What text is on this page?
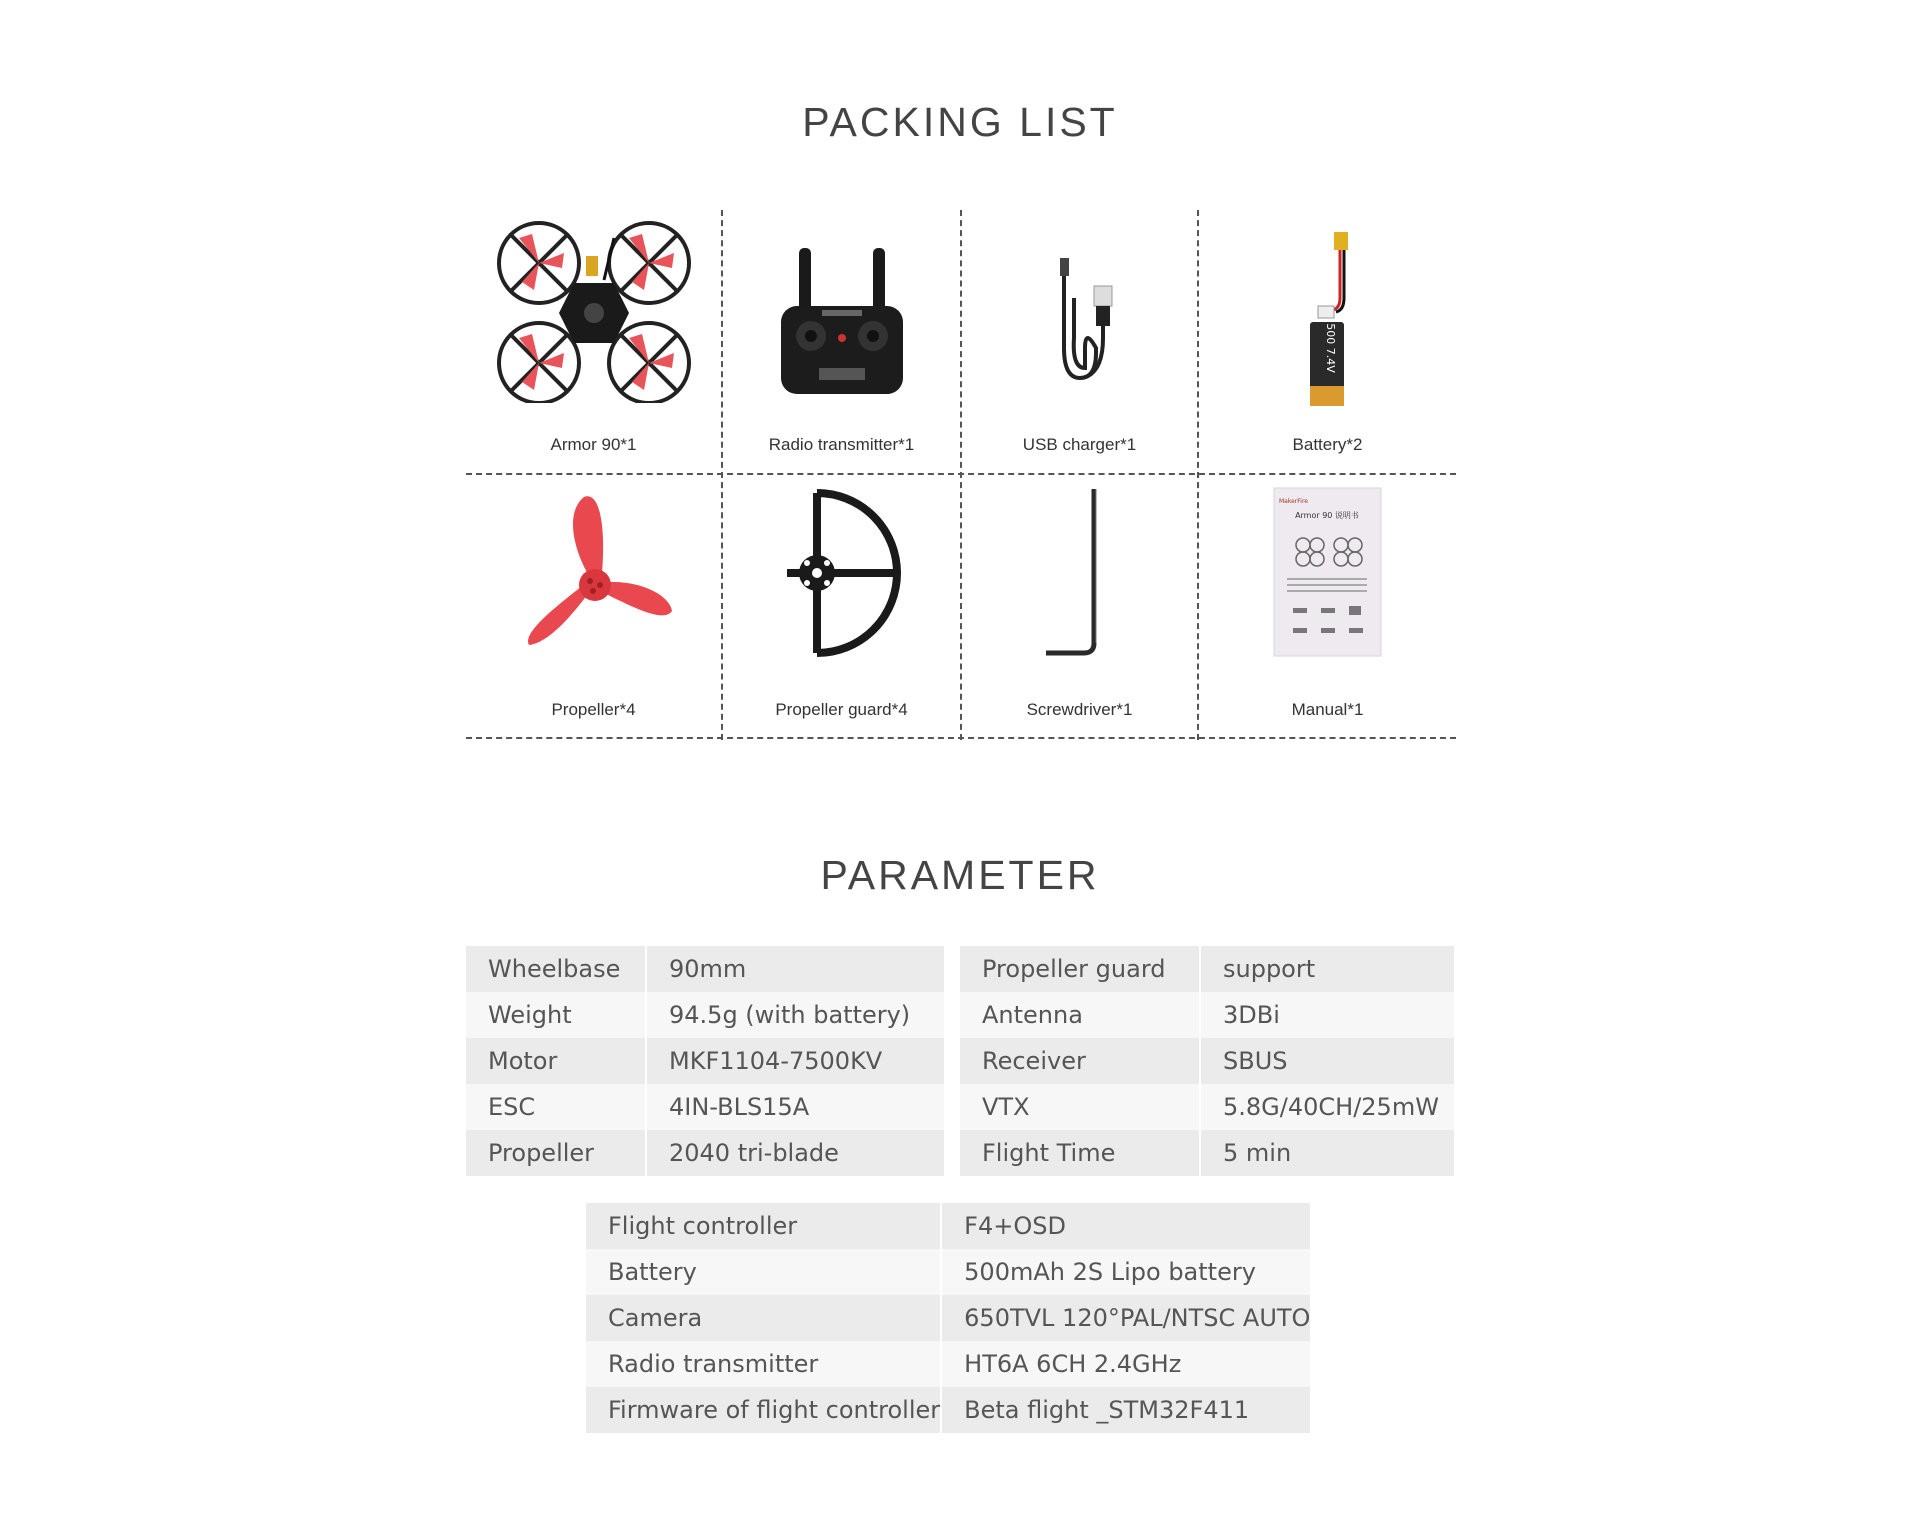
PACKING LIST
Armor 90*1	Radio transmitter*1	USB charger*1
500 7.4V
Battery*2
Propeller*4	Propeller guard*4	Screwdriver*1
MakerFire
Armor 90 说明书
Manual*1
PARAMETER
Wheelbase	90mm
Weight	94.5g (with battery)
Motor	MKF1104-7500KV
ESC	4IN-BLS15A
Propeller	2040 tri-blade
Propeller guard	support
Antenna	3DBi
Receiver	SBUS
VTX	5.8G/40CH/25mW
Flight Time	5 min
Flight controller	F4+OSD
Battery	500mAh 2S Lipo battery
Camera	650TVL 120°PAL/NTSC AUTO
Radio transmitter	HT6A 6CH 2.4GHz
Firmware of flight controller	Beta flight _STM32F411
